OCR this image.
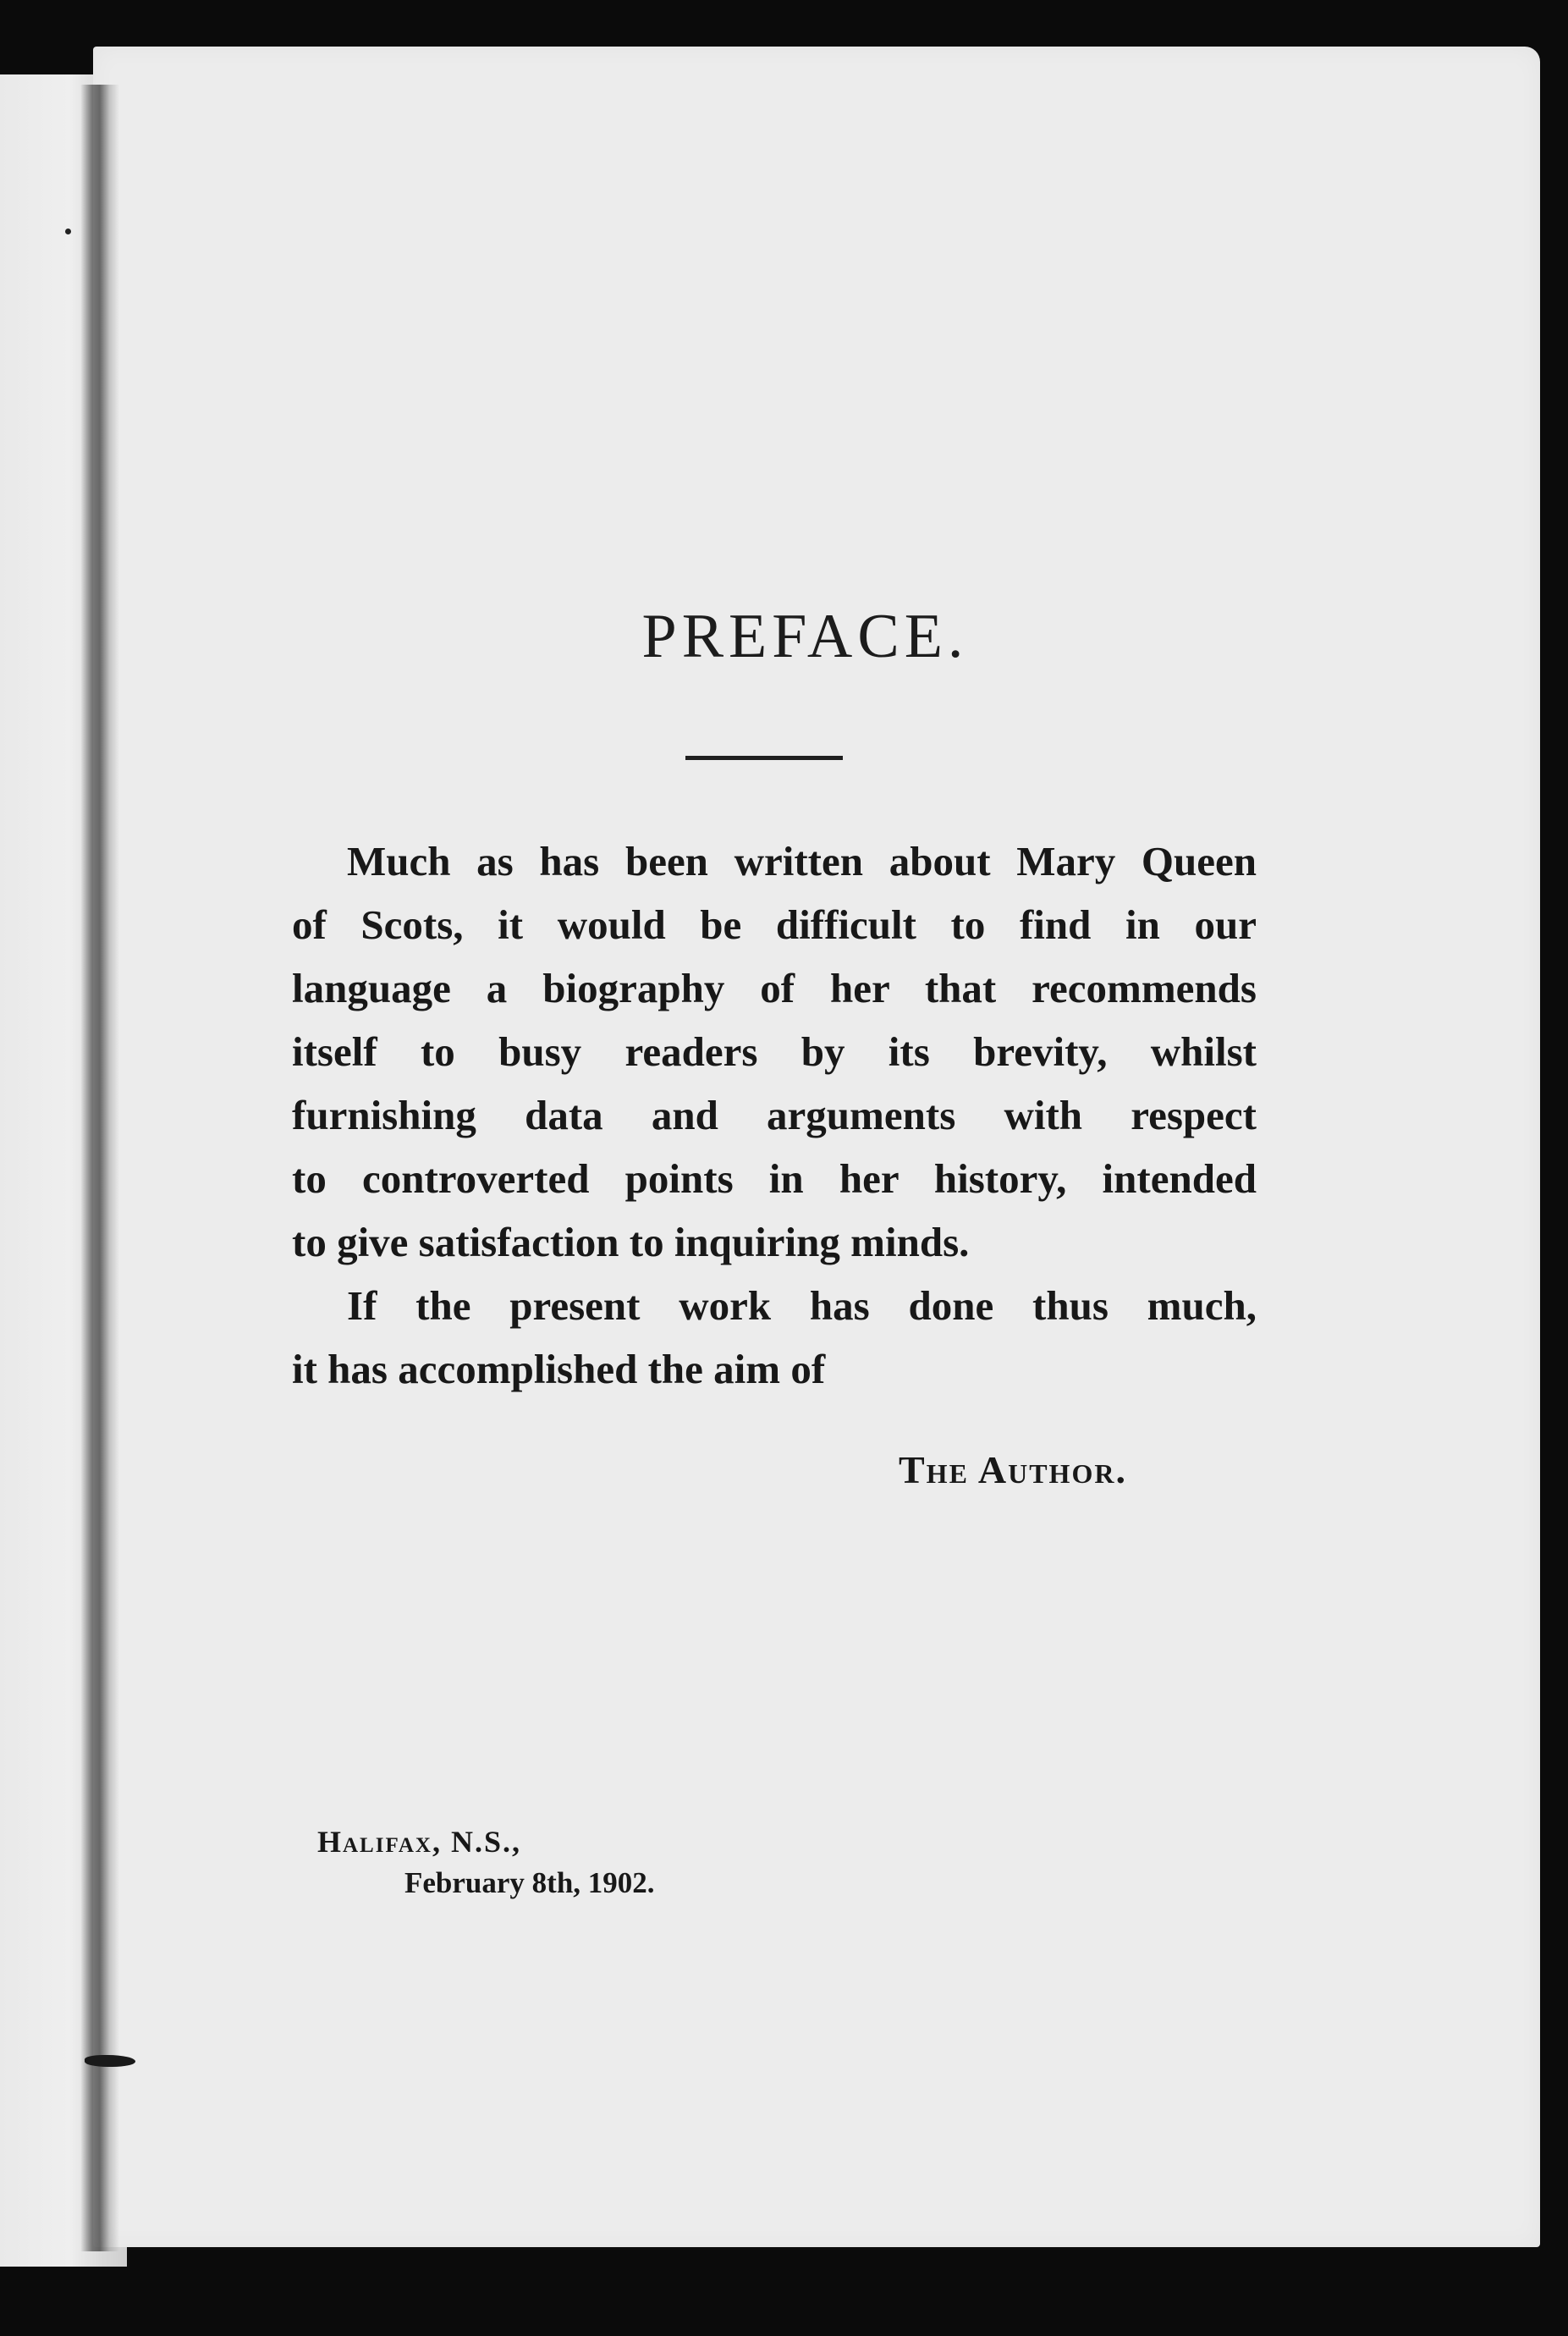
PREFACE.

Much as has been written about Mary Queen
of Scots, it would be difficult to find in our
language a biography of her that recommends
itself to busy readers by its brevity, whilst
furnishing data and arguments with respect
to controverted points in her history, intended
to give satisfaction to inquiring minds.

If the present work has done thus much,
it has accomplished the aim of

The Author.
Halifax, N.S.,
February 8th, 1902.
